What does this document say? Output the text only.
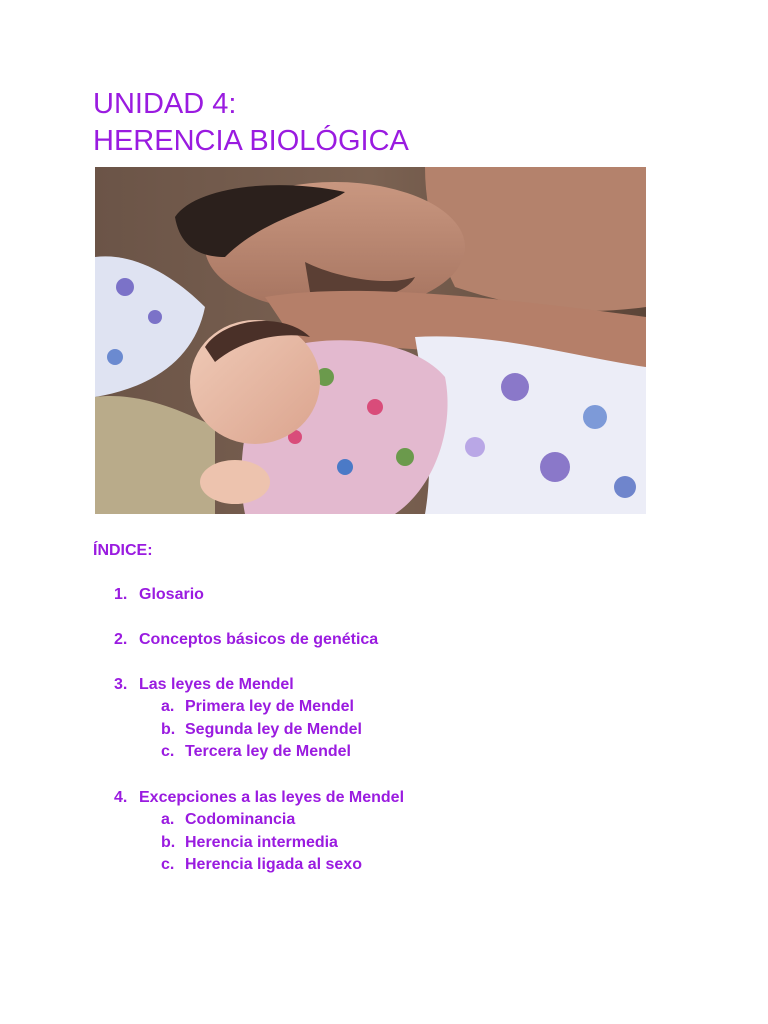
UNIDAD 4:
HERENCIA BIOLÓGICA
ÍNDICE:
1. Glosario
2. Conceptos básicos de genética
3. Las leyes de Mendel
a. Primera ley de Mendel
b. Segunda ley de Mendel
c. Tercera ley de Mendel
4. Excepciones a las leyes de Mendel
a. Codominancia
b. Herencia intermedia
c. Herencia ligada al sexo
